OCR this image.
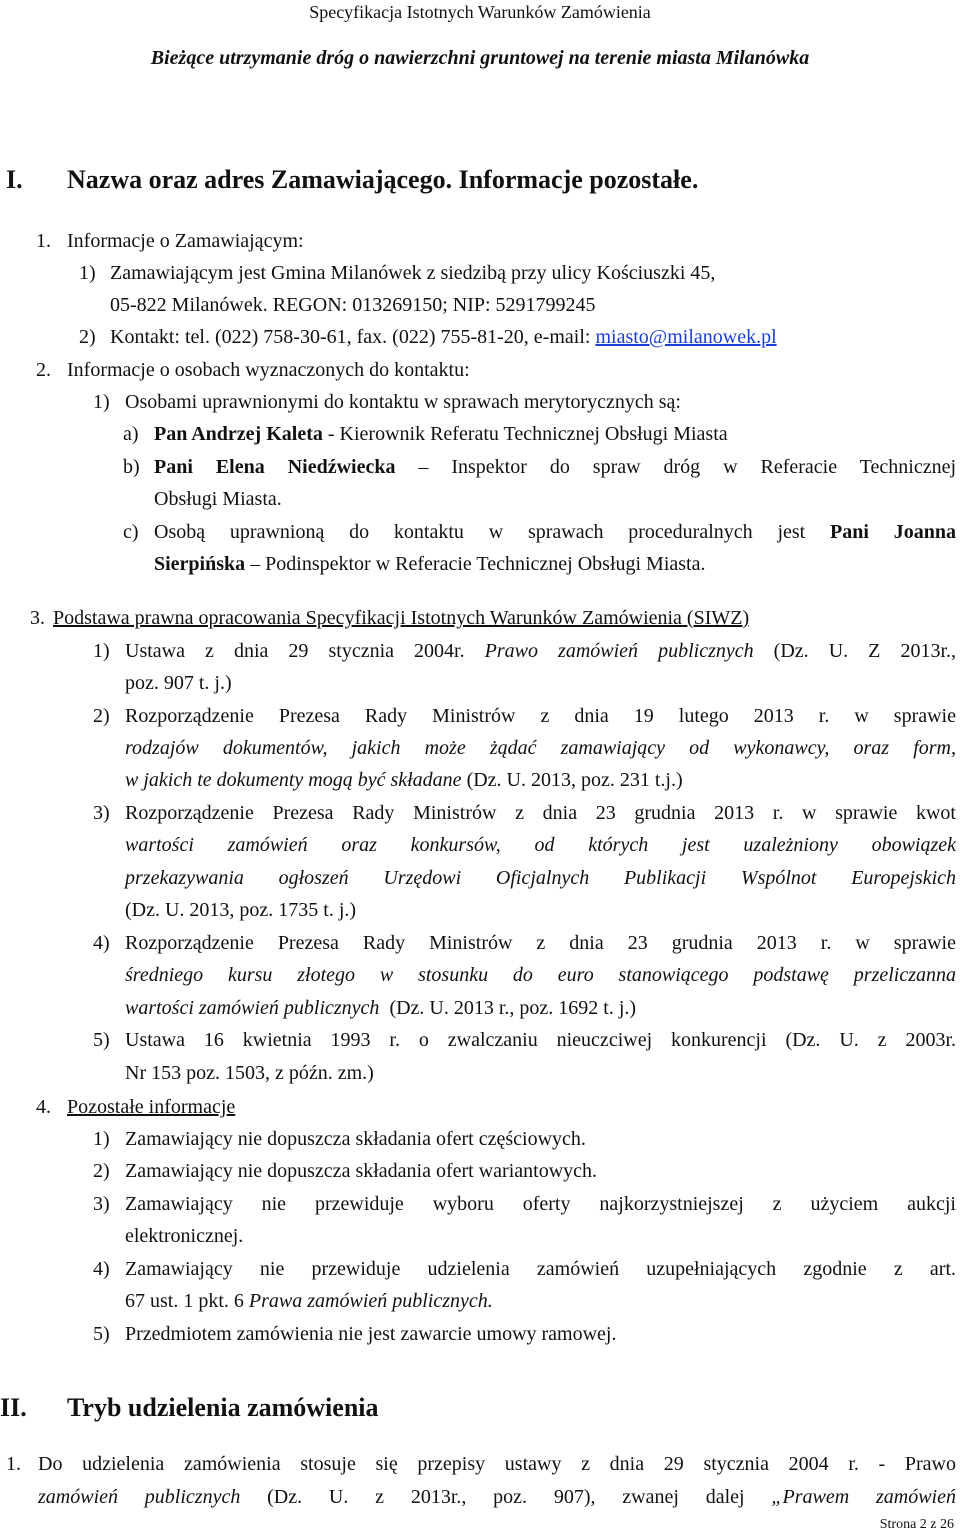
Specyfikacja Istotnych Warunków Zamówienia
Bieżące utrzymanie dróg o nawierzchni gruntowej na terenie miasta Milanówka
I. Nazwa oraz adres Zamawiającego. Informacje pozostałe.
1. Informacje o Zamawiającym:
1) Zamawiającym jest Gmina Milanówek z siedzibą przy ulicy Kościuszki 45,
05-822 Milanówek. REGON: 013269150; NIP: 5291799245
2) Kontakt: tel. (022) 758-30-61, fax. (022) 755-81-20, e-mail: miasto@milanowek.pl
2. Informacje o osobach wyznaczonych do kontaktu:
1) Osobami uprawnionymi do kontaktu w sprawach merytorycznych są:
a) Pan Andrzej Kaleta - Kierownik Referatu Technicznej Obsługi Miasta
b) Pani Elena Niedźwiecka – Inspektor do spraw dróg w Referacie Technicznej
Obsługi Miasta.
c) Osobą uprawnioną do kontaktu w sprawach proceduralnych jest Pani Joanna
Sierpińska – Podinspektor w Referacie Technicznej Obsługi Miasta.
3. Podstawa prawna opracowania Specyfikacji Istotnych Warunków Zamówienia (SIWZ)
1) Ustawa z dnia 29 stycznia 2004r. Prawo zamówień publicznych (Dz. U. Z 2013r.,
poz. 907 t. j.)
2) Rozporządzenie Prezesa Rady Ministrów z dnia 19 lutego 2013 r. w sprawie
rodzajów dokumentów, jakich może żądać zamawiający od wykonawcy, oraz form,
w jakich te dokumenty mogą być składane (Dz. U. 2013, poz. 231 t.j.)
3) Rozporządzenie Prezesa Rady Ministrów z dnia 23 grudnia 2013 r. w sprawie kwot
wartości zamówień oraz konkursów, od których jest uzależniony obowiązek
przekazywania ogłoszeń Urzędowi Oficjalnych Publikacji Wspólnot Europejskich
(Dz. U. 2013, poz. 1735 t. j.)
4) Rozporządzenie Prezesa Rady Ministrów z dnia 23 grudnia 2013 r. w sprawie
średniego kursu złotego w stosunku do euro stanowiącego podstawę przeliczanna
wartości zamówień publicznych  (Dz. U. 2013 r., poz. 1692 t. j.)
5) Ustawa 16 kwietnia 1993 r. o zwalczaniu nieuczciwej konkurencji (Dz. U. z 2003r.
Nr 153 poz. 1503, z późn. zm.)
4. Pozostałe informacje
1) Zamawiający nie dopuszcza składania ofert częściowych.
2) Zamawiający nie dopuszcza składania ofert wariantowych.
3) Zamawiający nie przewiduje wyboru oferty najkorzystniejszej z użyciem aukcji
elektronicznej.
4) Zamawiający nie przewiduje udzielenia zamówień uzupełniających zgodnie z art.
67 ust. 1 pkt. 6 Prawa zamówień publicznych.
5) Przedmiotem zamówienia nie jest zawarcie umowy ramowej.
II. Tryb udzielenia zamówienia
1. Do udzielenia zamówienia stosuje się przepisy ustawy z dnia 29 stycznia 2004 r. - Prawo
zamówień publicznych (Dz. U. z 2013r., poz. 907), zwanej dalej „Prawem zamówień
Strona 2 z 26
